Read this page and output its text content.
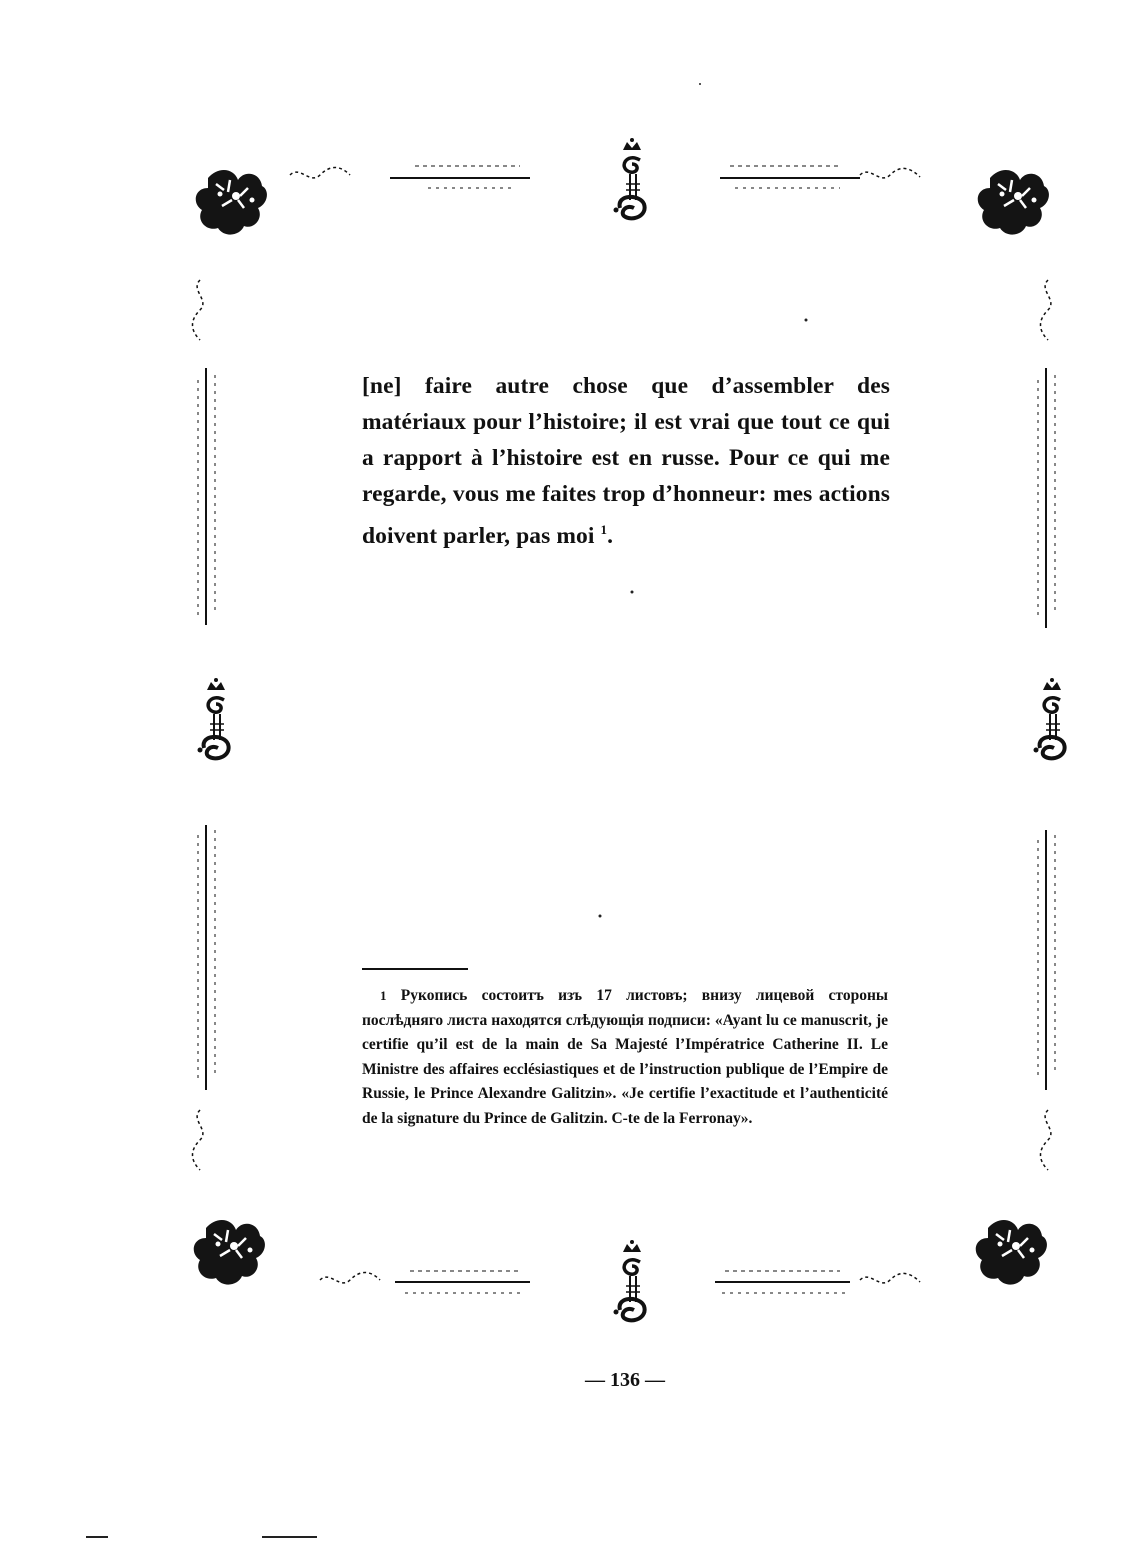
[ne] faire autre chose que d’assembler des matériaux pour l’histoire; il est vrai que tout ce qui a rapport à l’histoire est en russe. Pour ce qui me regarde, vous me faites trop d’honneur: mes actions doivent parler, pas moi $^1$.
1 Рукопись состоитъ изъ 17 листовъ; внизу лицевой стороны послѣдняго листа находятся слѣдующія подписи: «Ayant lu ce manuscrit, je certifie qu’il est de la main de Sa Majesté l’Impératrice Catherine II. Le Ministre des affaires ecclésiastiques et de l’instruction publique de l’Empire de Russie, le Prince Alexandre Galitzin». «Je certifie l’exactitude et l’authenticité de la signature du Prince de Galitzin. C-te de la Ferronay».
— 136 —
